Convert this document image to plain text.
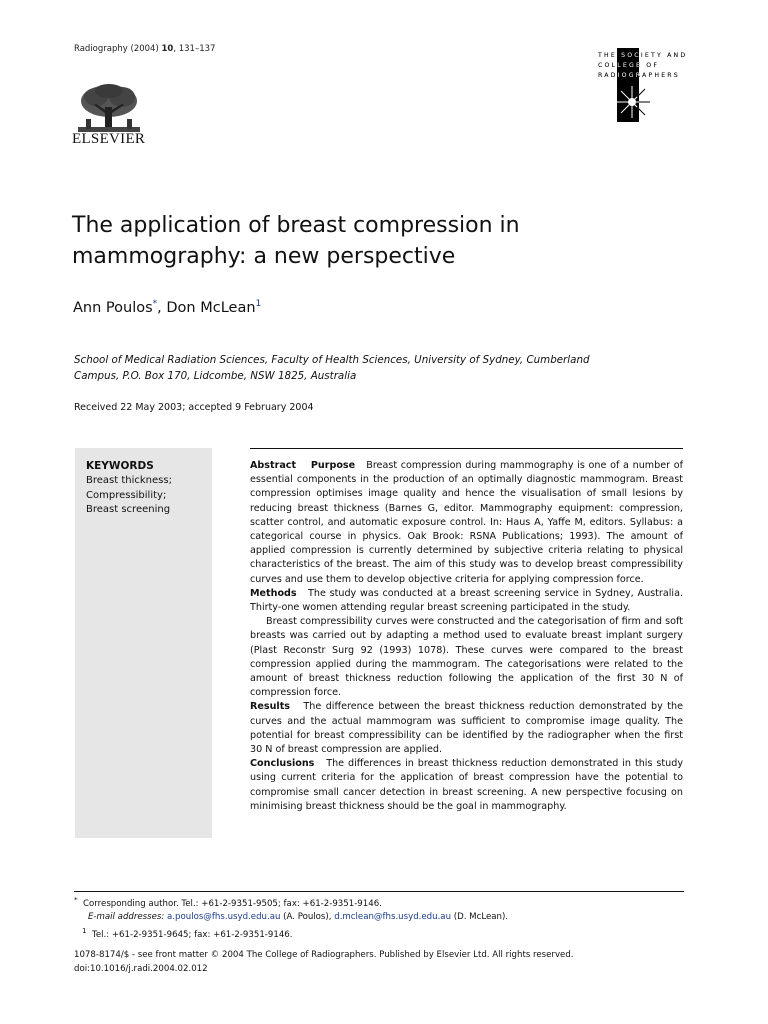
Radiography (2004) 10, 131–137
ELSEVIER
THE SOCIETY AND
COLLEGE OF
RADIOGRAPHERS
The application of breast compression in mammography: a new perspective
Ann Poulos*, Don McLean$^1$
School of Medical Radiation Sciences, Faculty of Health Sciences, University of Sydney, Cumberland Campus, P.O. Box 170, Lidcombe, NSW 1825, Australia
Received 22 May 2003; accepted 9 February 2004
KEYWORDS
Breast thickness;
Compressibility;
Breast screening

Abstract Purpose Breast compression during mammography is one of a number of essential components in the production of an optimally diagnostic mammogram. Breast compression optimises image quality and hence the visualisation of small lesions by reducing breast thickness (Barnes G, editor. Mammography equipment: compression, scatter control, and automatic exposure control. In: Haus A, Yaffe M, editors. Syllabus: a categorical course in physics. Oak Brook: RSNA Publications; 1993). The amount of applied compression is currently determined by subjective criteria relating to physical characteristics of the breast. The aim of this study was to develop breast compressibility curves and use them to develop objective criteria for applying compression force.

Methods The study was conducted at a breast screening service in Sydney, Australia. Thirty-one women attending regular breast screening participated in the study.

Breast compressibility curves were constructed and the categorisation of firm and soft breasts was carried out by adapting a method used to evaluate breast implant surgery (Plast Reconstr Surg 92 (1993) 1078). These curves were compared to the breast compression applied during the mammogram. The categorisations were related to the amount of breast thickness reduction following the application of the first 30 N of compression force.

Results The difference between the breast thickness reduction demonstrated by the curves and the actual mammogram was sufficient to compromise image quality. The potential for breast compressibility can be identified by the radiographer when the first 30 N of breast compression are applied.

Conclusions The differences in breast thickness reduction demonstrated in this study using current criteria for the application of breast compression have the potential to compromise small cancer detection in breast screening. A new perspective focusing on minimising breast thickness should be the goal in mammography.

* Corresponding author. Tel.: +61-2-9351-9505; fax: +61-2-9351-9146.
E-mail addresses: a.poulos@fhs.usyd.edu.au (A. Poulos), d.mclean@fhs.usyd.edu.au (D. McLean).
$^1$ Tel.: +61-2-9351-9645; fax: +61-2-9351-9146.
1078-8174/$ - see front matter © 2004 The College of Radiographers. Published by Elsevier Ltd. All rights reserved.
doi:10.1016/j.radi.2004.02.012
